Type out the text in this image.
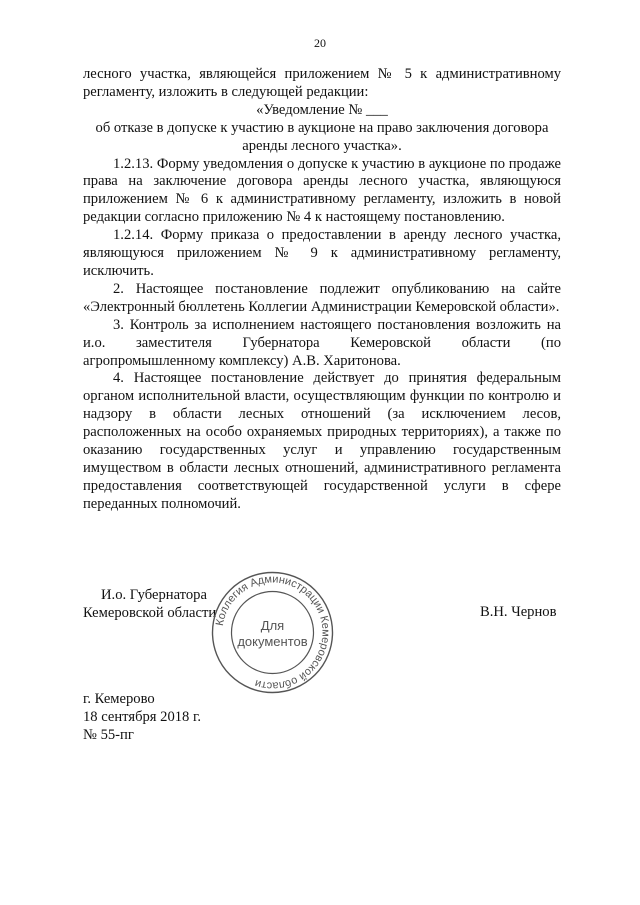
20

лесного участка, являющейся приложением № 5 к административному регламенту, изложить в следующей редакции:

«Уведомление № ___

об отказе в допуске к участию в аукционе на право заключения договора аренды лесного участка».

1.2.13. Форму уведомления о допуске к участию в аукционе по продаже права на заключение договора аренды лесного участка, являющуюся приложением № 6 к административному регламенту, изложить в новой редакции согласно приложению № 4 к настоящему постановлению.

1.2.14. Форму приказа о предоставлении в аренду лесного участка, являющуюся приложением № 9 к административному регламенту, исключить.

2. Настоящее постановление подлежит опубликованию на сайте «Электронный бюллетень Коллегии Администрации Кемеровской области».

3. Контроль за исполнением настоящего постановления возложить на и.о. заместителя Губернатора Кемеровской области (по агропромышленному комплексу) А.В. Харитонова.

4. Настоящее постановление действует до принятия федеральным органом исполнительной власти, осуществляющим функции по контролю и надзору в области лесных отношений (за исключением лесов, расположенных на особо охраняемых природных территориях), а также по оказанию государственных услуг и управлению государственным имуществом в области лесных отношений, административного регламента предоставления соответствующей государственной услуги в сфере переданных полномочий.

И.о. Губернатора
Кемеровской области	В.Н. Чернов
Коллегия Администрации Кемеровской области
Для
документов
г. Кемерово
18 сентября 2018 г.
№ 55-пг
